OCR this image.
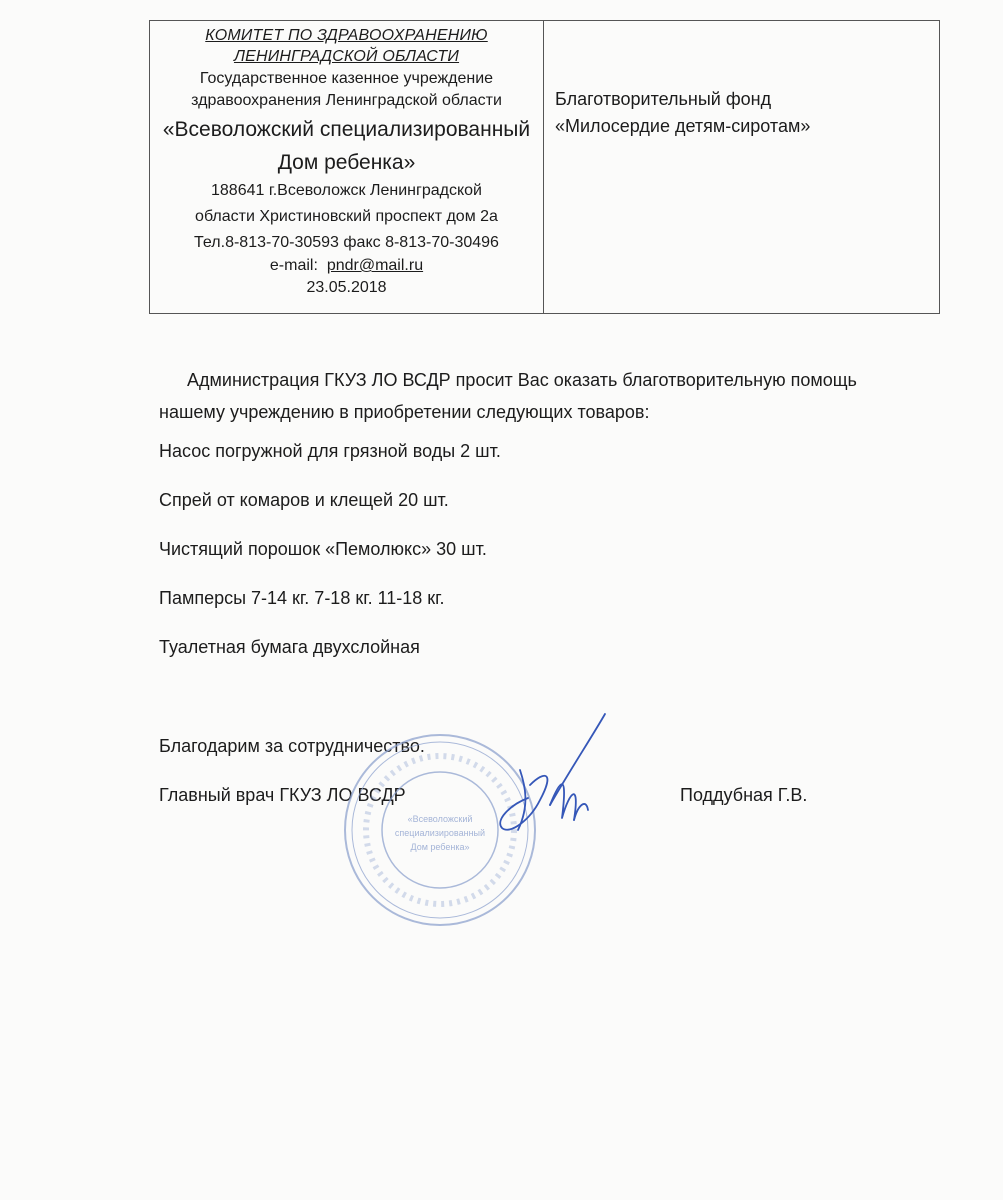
КОМИТЕТ ПО ЗДРАВООХРАНЕНИЮ
ЛЕНИНГРАДСКОЙ ОБЛАСТИ
Государственное казенное учреждение
здравоохранения Ленинградской области
«Всеволожский специализированный
Дом ребенка»
188641 г.Всеволожск Ленинградской
области Христиновский проспект дом 2а
Тел.8-813-70-30593 факс 8-813-70-30496
e-mail: pndr@mail.ru
23.05.2018
Благотворительный фонд
«Милосердие детям-сиротам»
Администрация ГКУЗ ЛО ВСДР просит Вас оказать благотворительную помощь нашему учреждению в приобретении следующих товаров:
Насос погружной для грязной воды 2 шт.
Спрей от комаров и клещей 20 шт.
Чистящий порошок «Пемолюкс» 30 шт.
Памперсы 7-14 кг. 7-18 кг. 11-18 кг.
Туалетная бумага двухслойная
Благодарим за сотрудничество.
Главный врач ГКУЗ ЛО ВСДР	Поддубная Г.В.
«Всеволожский
специализированный
Дом ребенка»
